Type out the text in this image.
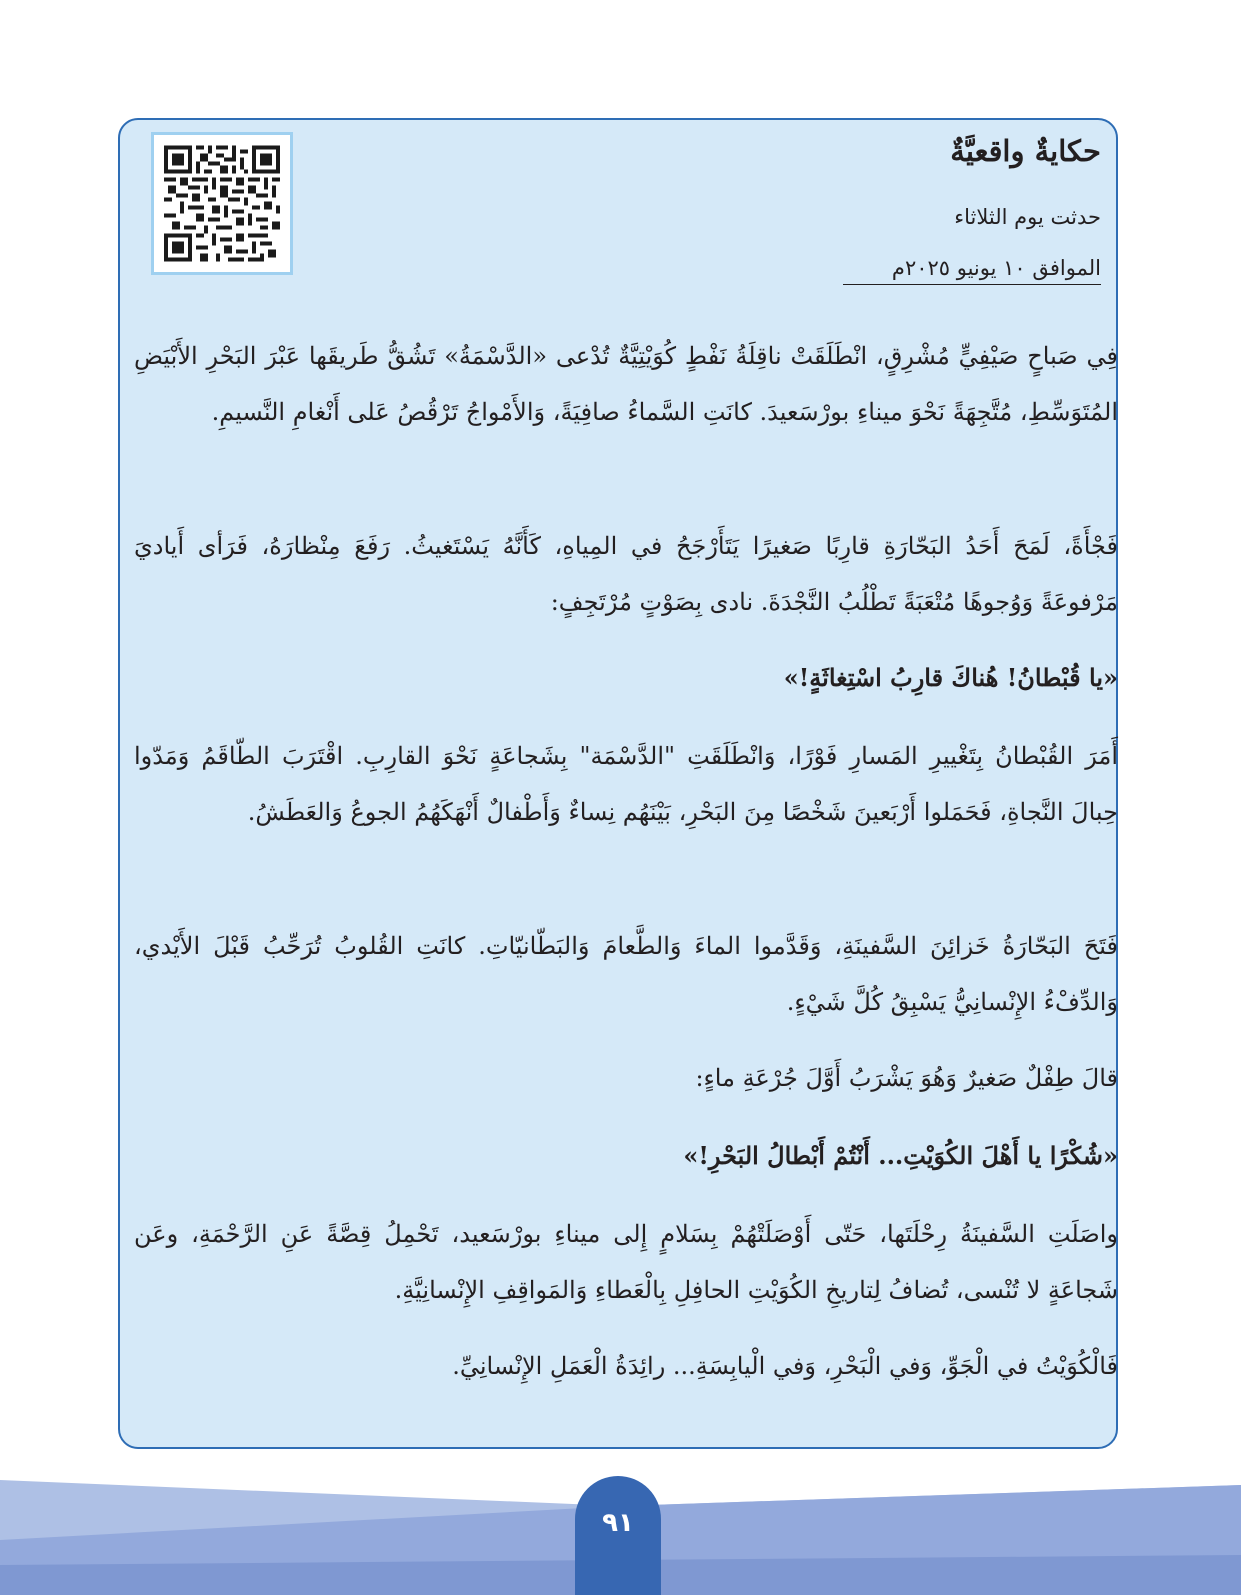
حكايةٌ واقعيَّةٌ
حدثت يوم الثلاثاء
الموافق ١٠ يونيو ٢٠٢٥م

فِي صَباحٍ صَيْفِيٍّ مُشْرِقٍ، انْطَلَقَتْ ناقِلَةُ نَفْطٍ كُوَيْتِيَّةٌ تُدْعى «الدَّسْمَةُ» تَشُقُّ طَريقَها عَبْرَ البَحْرِ الأَبْيَضِ المُتَوَسِّطِ، مُتَّجِهَةً نَحْوَ ميناءِ بورْسَعيدَ. كانَتِ السَّماءُ صافِيَةً، وَالأَمْواجُ تَرْقُصُ عَلى أَنْغامِ النَّسيمِ.

فَجْأَةً، لَمَحَ أَحَدُ البَحّارَةِ قارِبًا صَغيرًا يَتَأَرْجَحُ في المِياهِ، كَأَنَّهُ يَسْتَغيثُ. رَفَعَ مِنْظارَهُ، فَرَأى أَياديَ مَرْفوعَةً وَوُجوهًا مُتْعَبَةً تَطْلُبُ النَّجْدَةَ. نادى بِصَوْتٍ مُرْتَجِفٍ:

«يا قُبْطانُ! هُناكَ قارِبُ اسْتِغاثَةٍ!»

أَمَرَ القُبْطانُ بِتَغْييرِ المَسارِ فَوْرًا، وَانْطَلَقَتِ "الدَّسْمَة" بِشَجاعَةٍ نَحْوَ القارِبِ. اقْتَرَبَ الطّاقَمُ وَمَدّوا حِبالَ النَّجاةِ، فَحَمَلوا أَرْبَعينَ شَخْصًا مِنَ البَحْرِ، بَيْنَهُم نِساءٌ وَأَطْفالٌ أَنْهَكَهُمُ الجوعُ وَالعَطَشُ.

فَتَحَ البَحّارَةُ خَزائِنَ السَّفينَةِ، وَقَدَّموا الماءَ وَالطَّعامَ وَالبَطّانيّاتِ. كانَتِ القُلوبُ تُرَحِّبُ قَبْلَ الأَيْدي، وَالدِّفْءُ الإِنْسانِيُّ يَسْبِقُ كُلَّ شَيْءٍ.

قالَ طِفْلٌ صَغيرٌ وَهُوَ يَشْرَبُ أَوَّلَ جُرْعَةِ ماءٍ:

«شُكْرًا يا أَهْلَ الكُوَيْتِ... أَنْتُمْ أَبْطالُ البَحْرِ!»

واصَلَتِ السَّفينَةُ رِحْلَتَها، حَتّى أَوْصَلَتْهُمْ بِسَلامٍ إِلى ميناءِ بورْسَعيد، تَحْمِلُ قِصَّةً عَنِ الرَّحْمَةِ، وعَن شَجاعَةٍ لا تُنْسى، تُضافُ لِتاريخِ الكُوَيْتِ الحافِلِ بِالْعَطاءِ وَالمَواقِفِ الإِنْسانِيَّةِ.

فَالْكُوَيْتُ في الْجَوِّ، وَفي الْبَحْرِ، وَفي الْيابِسَةِ... رائِدَةُ الْعَمَلِ الإِنْسانِيِّ.

٩١
